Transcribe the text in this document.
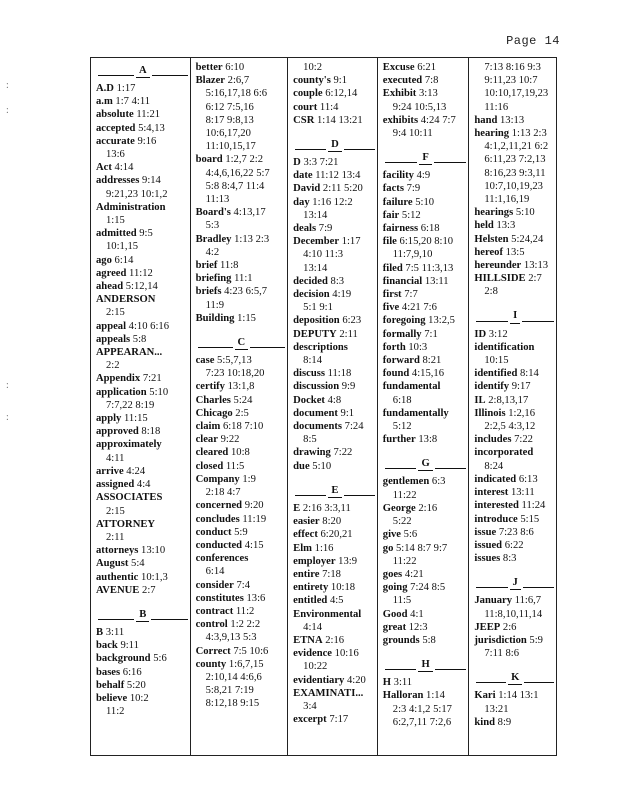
Page 14
:
:
:
:
A
A.D 1:17
a.m 1:7 4:11
absolute 11:21
accepted 5:4,13
accurate 9:16
13:6
Act 4:14
addresses 9:14
9:21,23 10:1,2
Administration
1:15
admitted 9:5
10:1,15
ago 6:14
agreed 11:12
ahead 5:12,14
ANDERSON
2:15
appeal 4:10 6:16
appeals 5:8
APPEARAN...
2:2
Appendix 7:21
application 5:10
7:7,22 8:19
apply 11:15
approved 8:18
approximately
4:11
arrive 4:24
assigned 4:4
ASSOCIATES
2:15
ATTORNEY
2:11
attorneys 13:10
August 5:4
authentic 10:1,3
AVENUE 2:7
B
B 3:11
back 9:11
background 5:6
bases 6:16
behalf 5:20
believe 10:2
11:2
better 6:10
Blazer 2:6,7
5:16,17,18 6:6
6:12 7:5,16
8:17 9:8,13
10:6,17,20
11:10,15,17
board 1:2,7 2:2
4:4,6,16,22 5:7
5:8 8:4,7 11:4
11:13
Board's 4:13,17
5:3
Bradley 1:13 2:3
4:2
brief 11:8
briefing 11:1
briefs 4:23 6:5,7
11:9
Building 1:15
C
case 5:5,7,13
7:23 10:18,20
certify 13:1,8
Charles 5:24
Chicago 2:5
claim 6:18 7:10
clear 9:22
cleared 10:8
closed 11:5
Company 1:9
2:18 4:7
concerned 9:20
concludes 11:19
conduct 5:9
conducted 4:15
conferences
6:14
consider 7:4
constitutes 13:6
contract 11:2
control 1:2 2:2
4:3,9,13 5:3
Correct 7:5 10:6
county 1:6,7,15
2:10,14 4:6,6
5:8,21 7:19
8:12,18 9:15
10:2
county's 9:1
couple 6:12,14
court 11:4
CSR 1:14 13:21
D
D 3:3 7:21
date 11:12 13:4
David 2:11 5:20
day 1:16 12:2
13:14
deals 7:9
December 1:17
4:10 11:3
13:14
decided 8:3
decision 4:19
5:1 9:1
deposition 6:23
DEPUTY 2:11
descriptions
8:14
discuss 11:18
discussion 9:9
Docket 4:8
document 9:1
documents 7:24
8:5
drawing 7:22
due 5:10
E
E 2:16 3:3,11
easier 8:20
effect 6:20,21
Elm 1:16
employer 13:9
entire 7:18
entirety 10:18
entitled 4:5
Environmental
4:14
ETNA 2:16
evidence 10:16
10:22
evidentiary 4:20
EXAMINATI...
3:4
excerpt 7:17
Excuse 6:21
executed 7:8
Exhibit 3:13
9:24 10:5,13
exhibits 4:24 7:7
9:4 10:11
F
facility 4:9
facts 7:9
failure 5:10
fair 5:12
fairness 6:18
file 6:15,20 8:10
11:7,9,10
filed 7:5 11:3,13
financial 13:11
first 7:7
five 4:21 7:6
foregoing 13:2,5
formally 7:1
forth 10:3
forward 8:21
found 4:15,16
fundamental
6:18
fundamentally
5:12
further 13:8
G
gentlemen 6:3
11:22
George 2:16
5:22
give 5:6
go 5:14 8:7 9:7
11:22
goes 4:21
going 7:24 8:5
11:5
Good 4:1
great 12:3
grounds 5:8
H
H 3:11
Halloran 1:14
2:3 4:1,2 5:17
6:2,7,11 7:2,6
7:13 8:16 9:3
9:11,23 10:7
10:10,17,19,23
11:16
hand 13:13
hearing 1:13 2:3
4:1,2,11,21 6:2
6:11,23 7:2,13
8:16,23 9:3,11
10:7,10,19,23
11:1,16,19
hearings 5:10
held 13:3
Helsten 5:24,24
hereof 13:5
hereunder 13:13
HILLSIDE 2:7
2:8
I
ID 3:12
identification
10:15
identified 8:14
identify 9:17
IL 2:8,13,17
Illinois 1:2,16
2:2,5 4:3,12
includes 7:22
incorporated
8:24
indicated 6:13
interest 13:11
interested 11:24
introduce 5:15
issue 7:23 8:6
issued 6:22
issues 8:3
J
January 11:6,7
11:8,10,11,14
JEEP 2:6
jurisdiction 5:9
7:11 8:6
K
Kari 1:14 13:1
13:21
kind 8:9
